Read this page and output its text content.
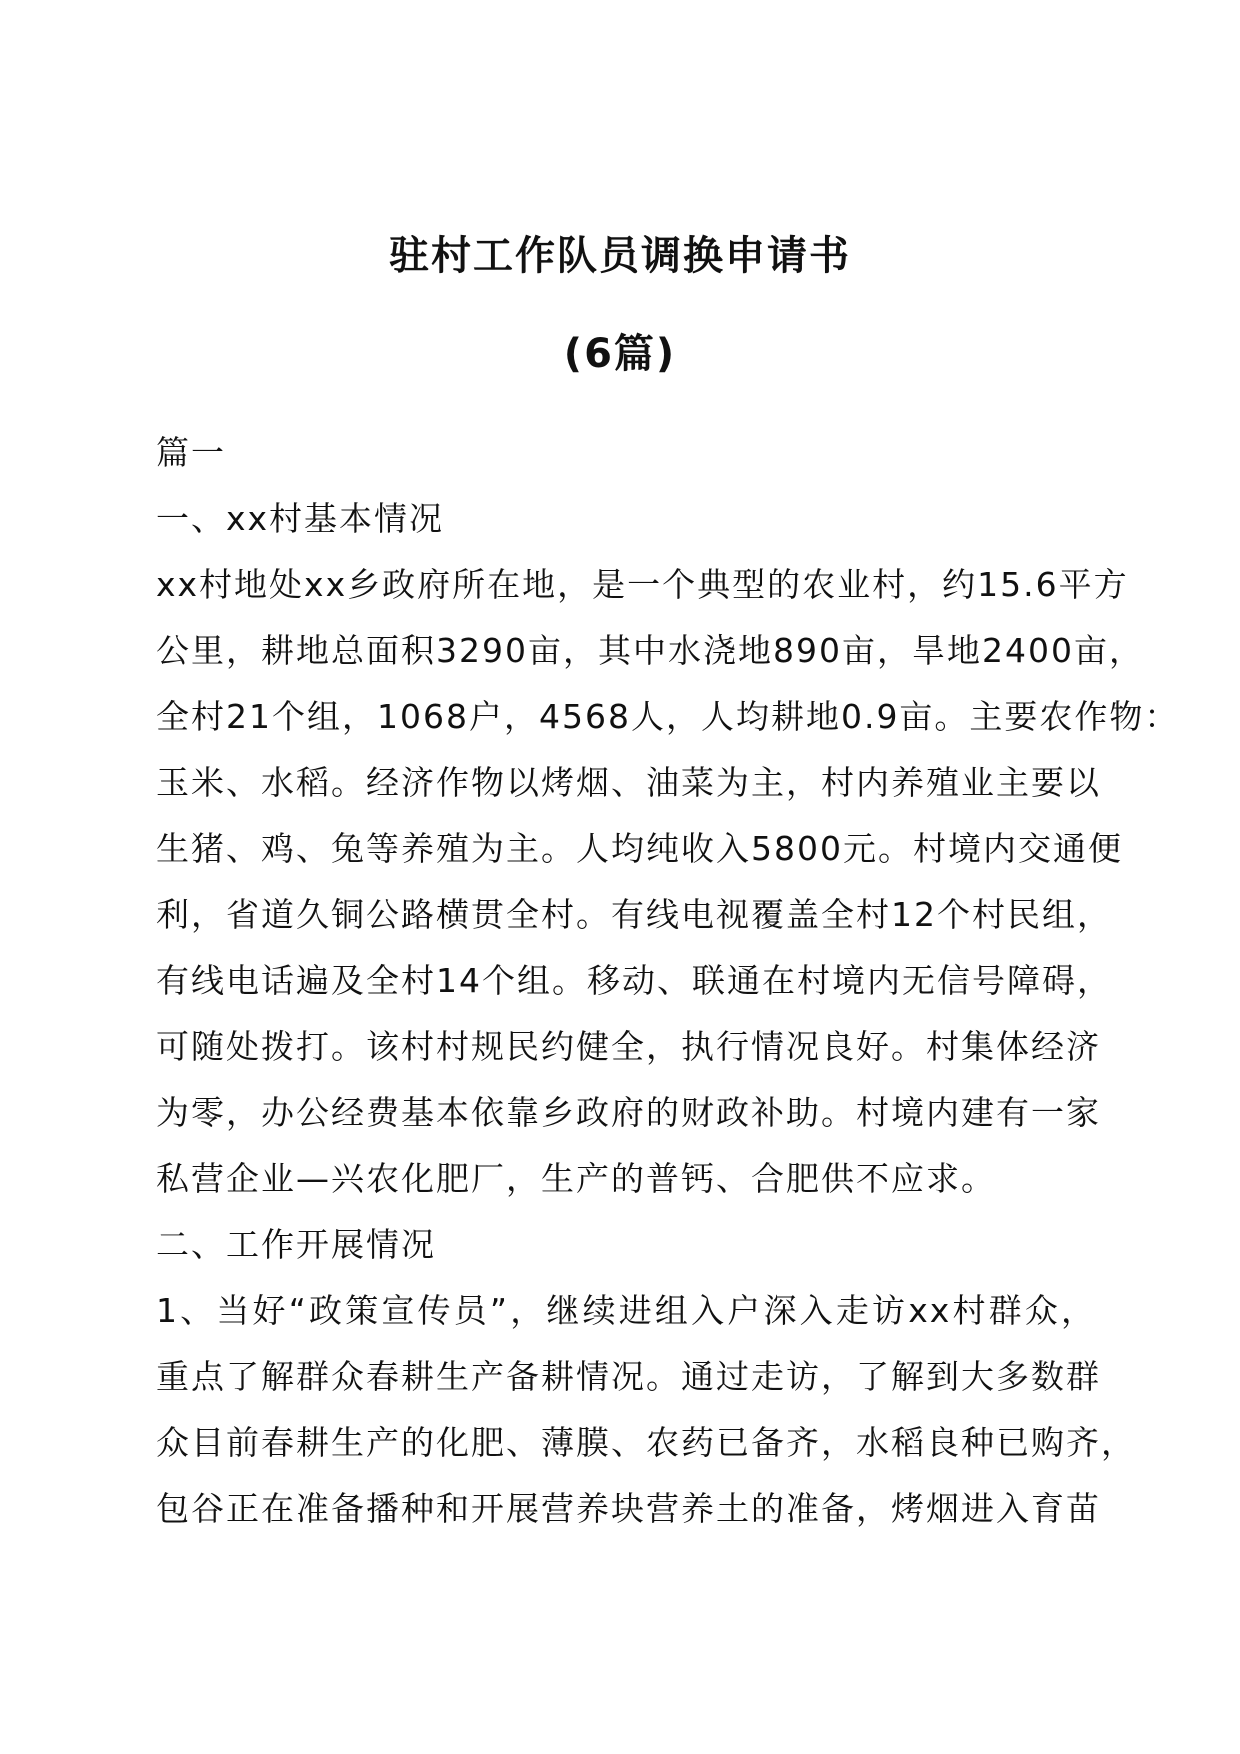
驻村工作队员调换申请书
(6篇)
篇一
一、xx村基本情况
xx村地处xx乡政府所在地，是一个典型的农业村，约15.6平方
公里，耕地总面积3290亩，其中水浇地890亩，旱地2400亩，
全村21个组，1068户，4568人，人均耕地0.9亩。主要农作物：
玉米、水稻。经济作物以烤烟、油菜为主，村内养殖业主要以
生猪、鸡、兔等养殖为主。人均纯收入5800元。村境内交通便
利，省道久铜公路横贯全村。有线电视覆盖全村12个村民组，
有线电话遍及全村14个组。移动、联通在村境内无信号障碍，
可随处拨打。该村村规民约健全，执行情况良好。村集体经济
为零，办公经费基本依靠乡政府的财政补助。村境内建有一家
私营企业—兴农化肥厂，生产的普钙、合肥供不应求。
二、工作开展情况
1、当好“政策宣传员”，继续进组入户深入走访xx村群众，
重点了解群众春耕生产备耕情况。通过走访，了解到大多数群
众目前春耕生产的化肥、薄膜、农药已备齐，水稻良种已购齐，
包谷正在准备播种和开展营养块营养土的准备，烤烟进入育苗
